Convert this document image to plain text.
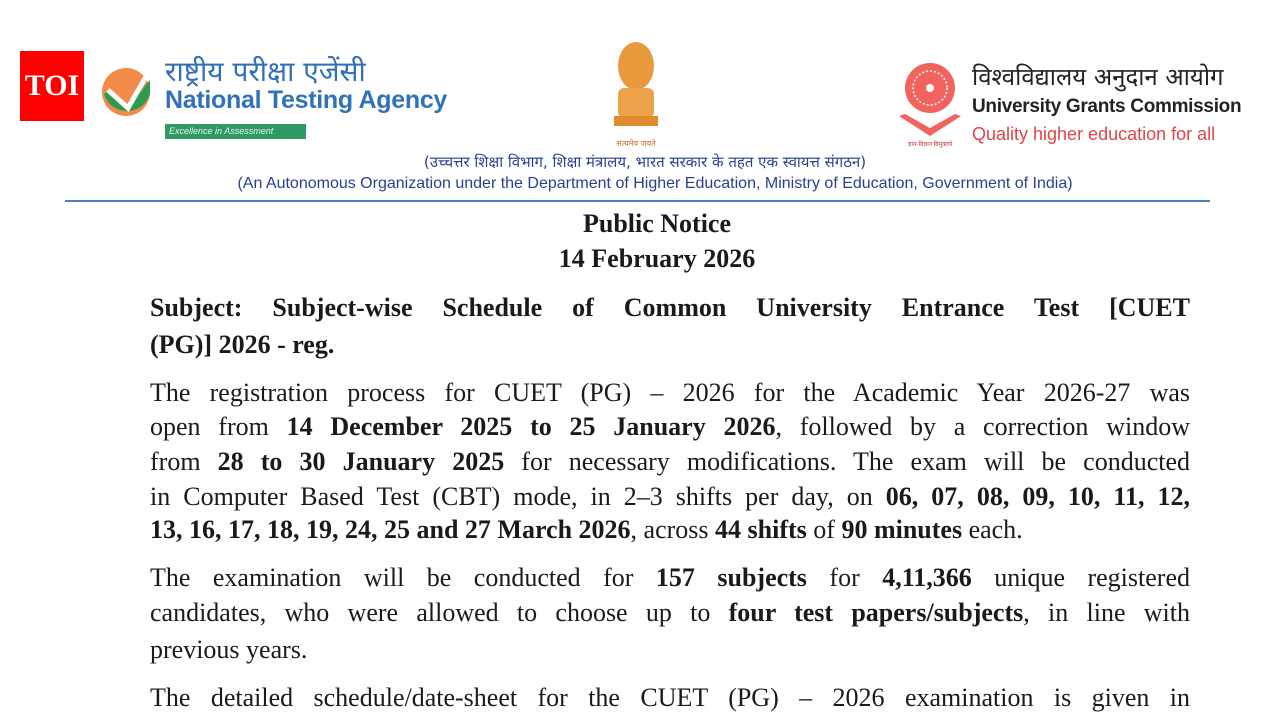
TOI	राष्ट्रीय परीक्षा एजेंसी
National Testing Agency
Excellence in Assessment
सत्यमेव जयते	ज्ञान-विज्ञान विमुक्तये
विश्वविद्यालय अनुदान आयोग
University Grants Commission
Quality higher education for all
(उच्चत्तर शिक्षा विभाग, शिक्षा मंत्रालय, भारत सरकार के तहत एक स्वायत्त संगठन)
(An Autonomous Organization under the Department of Higher Education, Ministry of Education, Government of India)
Public Notice
14 February 2026
Subject: Subject-wise Schedule of Common University Entrance Test [CUET
(PG)] 2026 - reg.
The registration process for CUET (PG) – 2026 for the Academic Year 2026-27 was
open from 14 December 2025 to 25 January 2026, followed by a correction window
from 28 to 30 January 2025 for necessary modifications. The exam will be conducted
in Computer Based Test (CBT) mode, in 2–3 shifts per day, on 06, 07, 08, 09, 10, 11, 12,
13, 16, 17, 18, 19, 24, 25 and 27 March 2026, across 44 shifts of 90 minutes each.
The examination will be conducted for 157 subjects for 4,11,366 unique registered
candidates, who were allowed to choose up to four test papers/subjects, in line with
previous years.
The detailed schedule/date-sheet for the CUET (PG) – 2026 examination is given in
